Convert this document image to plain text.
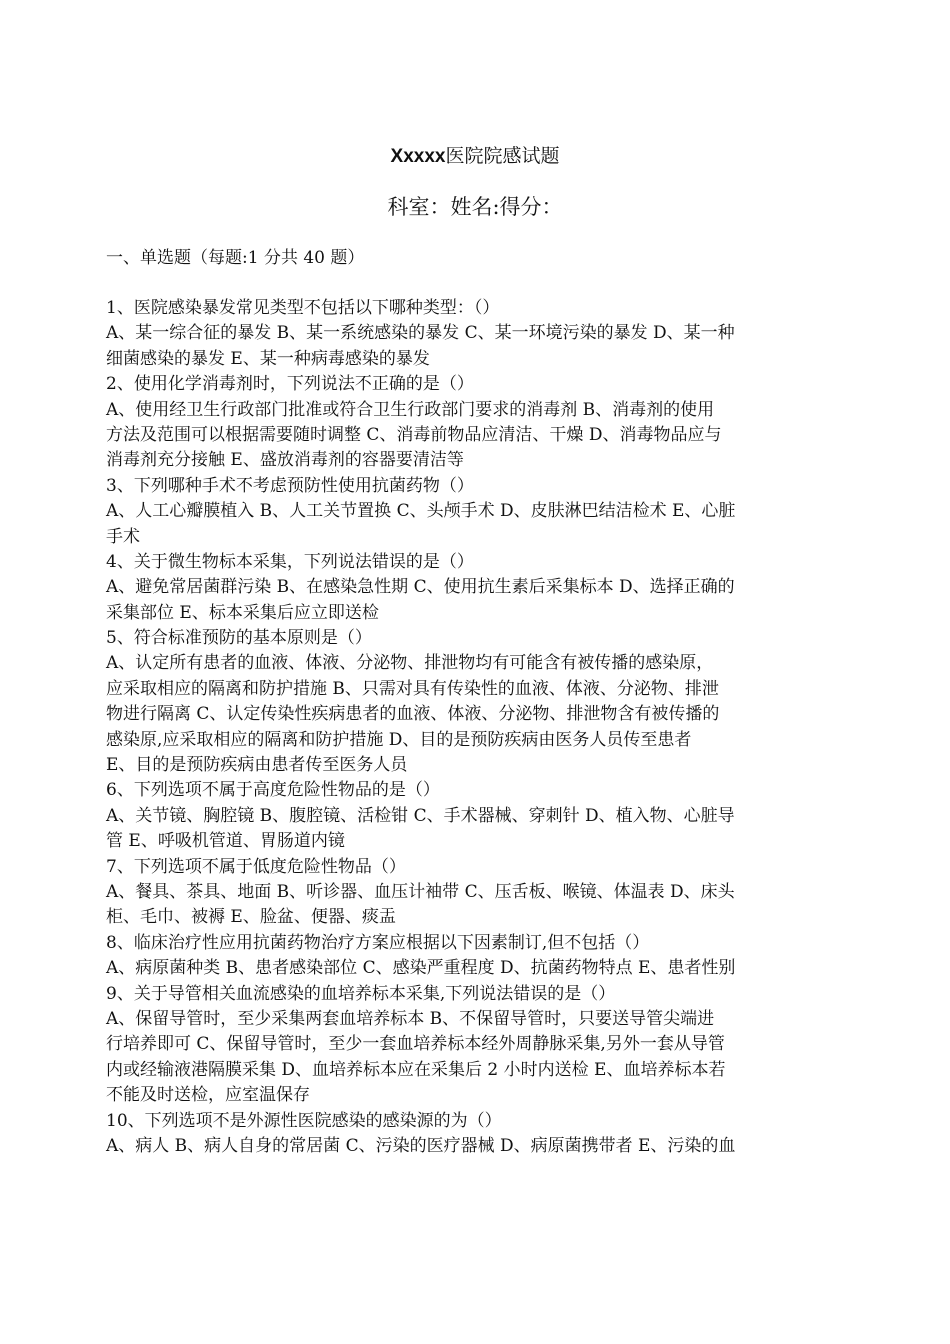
Xxxxx医院院感试题
科室：姓名:得分：
一、单选题（每题:1 分共 40 题）
1、医院感染暴发常见类型不包括以下哪种类型：（）
A、某一综合征的暴发 B、某一系统感染的暴发 C、某一环境污染的暴发 D、某一种
细菌感染的暴发 E、某一种病毒感染的暴发
2、使用化学消毒剂时，下列说法不正确的是（）
A、使用经卫生行政部门批准或符合卫生行政部门要求的消毒剂 B、消毒剂的使用
方法及范围可以根据需要随时调整 C、消毒前物品应清洁、干燥 D、消毒物品应与
消毒剂充分接触 E、盛放消毒剂的容器要清洁等
3、下列哪种手术不考虑预防性使用抗菌药物（）
A、人工心瓣膜植入 B、人工关节置换 C、头颅手术 D、皮肤淋巴结洁检术 E、心脏
手术
4、关于微生物标本采集，下列说法错误的是（）
A、避免常居菌群污染 B、在感染急性期 C、使用抗生素后采集标本 D、选择正确的
采集部位 E、标本采集后应立即送检
5、符合标准预防的基本原则是（）
A、认定所有患者的血液、体液、分泌物、排泄物均有可能含有被传播的感染原，
应采取相应的隔离和防护措施 B、只需对具有传染性的血液、体液、分泌物、排泄
物进行隔离 C、认定传染性疾病患者的血液、体液、分泌物、排泄物含有被传播的
感染原,应采取相应的隔离和防护措施 D、目的是预防疾病由医务人员传至患者
E、目的是预防疾病由患者传至医务人员
6、下列选项不属于高度危险性物品的是（）
A、关节镜、胸腔镜 B、腹腔镜、活检钳 C、手术器械、穿刺针 D、植入物、心脏导
管 E、呼吸机管道、胃肠道内镜
7、下列选项不属于低度危险性物品（）
A、餐具、茶具、地面 B、听诊器、血压计袖带 C、压舌板、喉镜、体温表 D、床头
柜、毛巾、被褥 E、脸盆、便器、痰盂
8、临床治疗性应用抗菌药物治疗方案应根据以下因素制订,但不包括（）
A、病原菌种类 B、患者感染部位 C、感染严重程度 D、抗菌药物特点 E、患者性别
9、关于导管相关血流感染的血培养标本采集,下列说法错误的是（）
A、保留导管时，至少采集两套血培养标本 B、不保留导管时，只要送导管尖端进
行培养即可 C、保留导管时，至少一套血培养标本经外周静脉采集,另外一套从导管
内或经输液港隔膜采集 D、血培养标本应在采集后 2 小时内送检 E、血培养标本若
不能及时送检，应室温保存
10、下列选项不是外源性医院感染的感染源的为（）
A、病人 B、病人自身的常居菌 C、污染的医疗器械 D、病原菌携带者 E、污染的血
